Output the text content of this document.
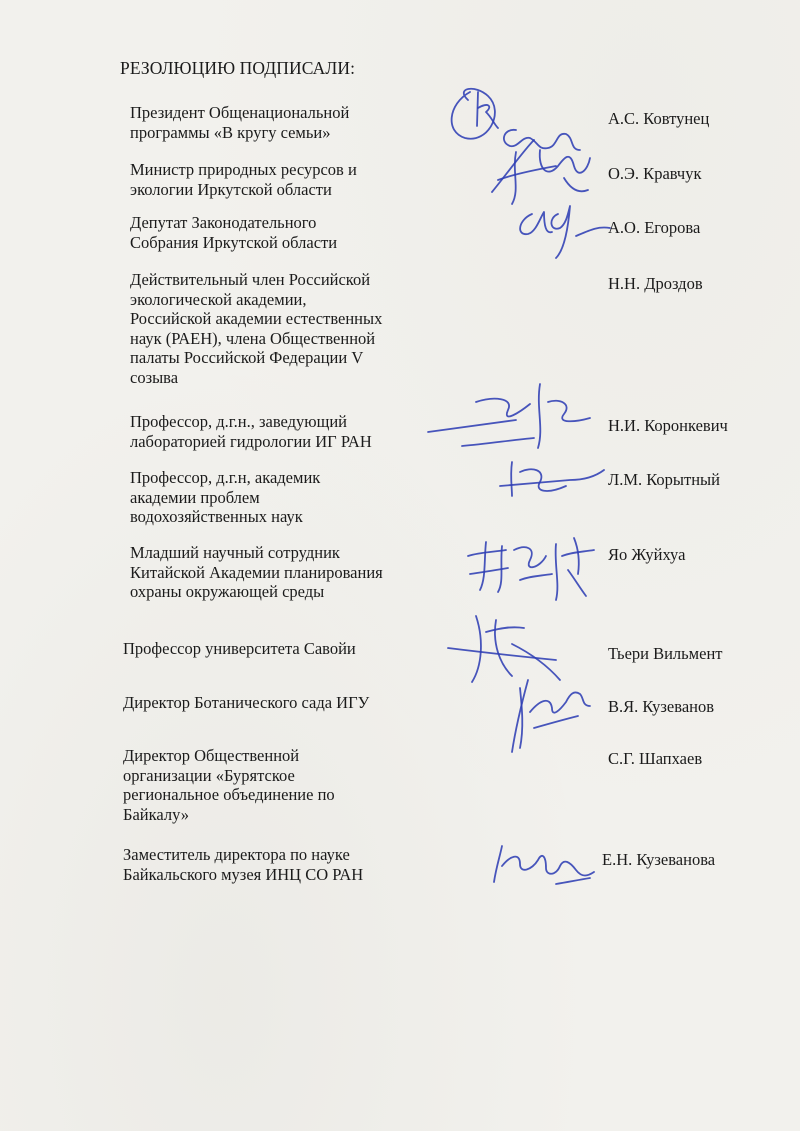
РЕЗОЛЮЦИЮ ПОДПИСАЛИ:
Президент Общенациональной
программы «В кругу семьи»
А.С. Ковтунец
Министр природных ресурсов и
экологии Иркутской области
О.Э. Кравчук
Депутат Законодательного
Собрания Иркутской области
А.О. Егорова
Действительный член Российской
экологической академии,
Российской академии естественных
наук (РАЕН), члена Общественной
палаты Российской Федерации V
созыва
Н.Н. Дроздов
Профессор, д.г.н., заведующий
лабораторией гидрологии ИГ РАН
Н.И. Коронкевич
Профессор, д.г.н, академик
академии проблем
водохозяйственных наук
Л.М. Корытный
Младший научный сотрудник
Китайской Академии планирования
охраны окружающей среды
Яо Жуйхуа
Профессор университета Савойи	Тьери Вильмент
Директор Ботанического сада ИГУ	В.Я. Кузеванов
Директор Общественной
организации «Бурятское
региональное объединение по
Байкалу»
С.Г. Шапхаев
Заместитель директора по науке
Байкальского музея ИНЦ СО РАН
Е.Н. Кузеванова
